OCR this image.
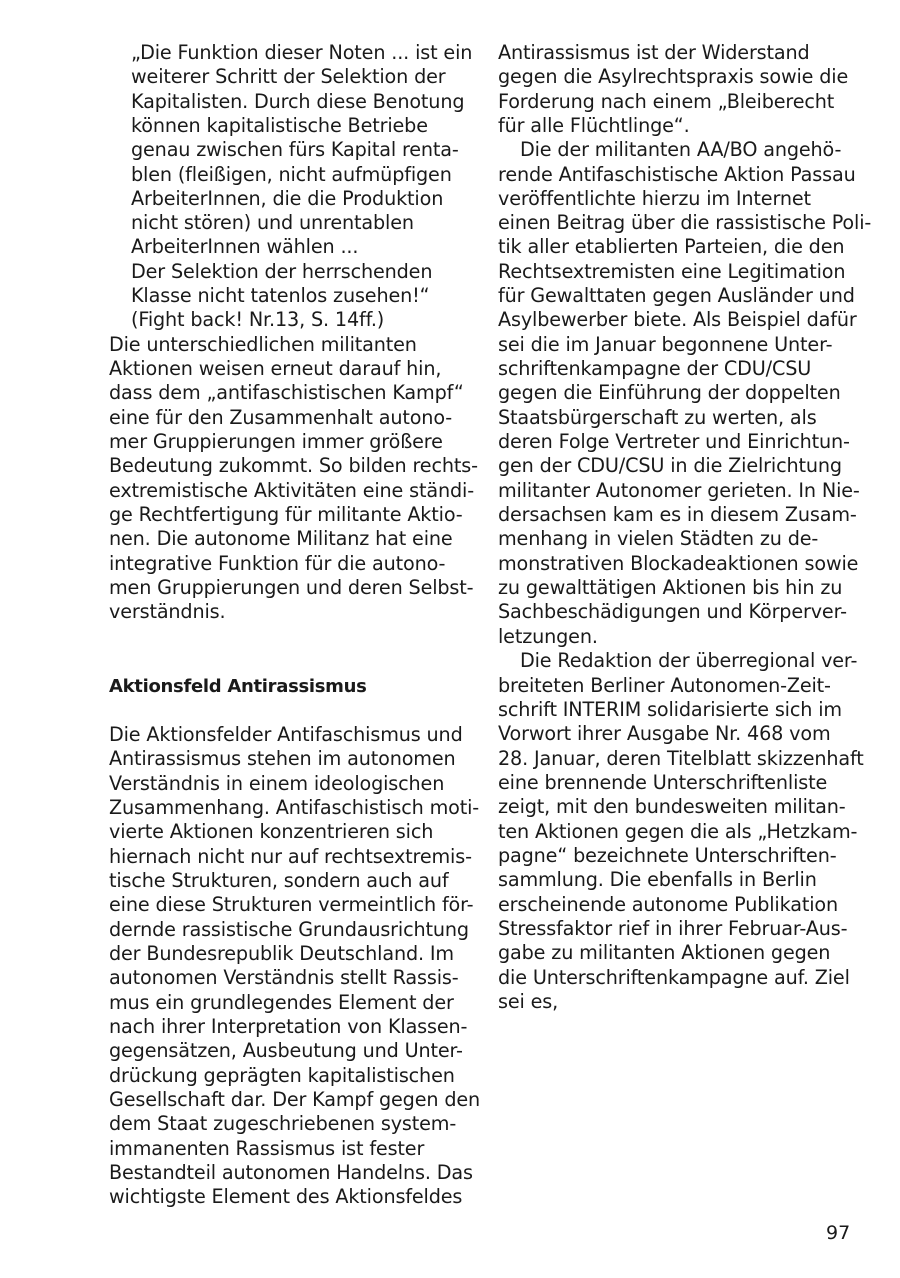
„Die Funktion dieser Noten ... ist ein
weiterer Schritt der Selektion der
Kapitalisten. Durch diese Benotung
können kapitalistische Betriebe
genau zwischen fürs Kapital renta-
blen (fleißigen, nicht aufmüpfigen
ArbeiterInnen, die die Produktion
nicht stören) und unrentablen
ArbeiterInnen wählen ...
Der Selektion der herrschenden
Klasse nicht tatenlos zusehen!“
(Fight back! Nr.13, S. 14ff.)
Die unterschiedlichen militanten
Aktionen weisen erneut darauf hin,
dass dem „antifaschistischen Kampf“
eine für den Zusammenhalt autono-
mer Gruppierungen immer größere
Bedeutung zukommt. So bilden rechts-
extremistische Aktivitäten eine ständi-
ge Rechtfertigung für militante Aktio-
nen. Die autonome Militanz hat eine
integrative Funktion für die autono-
men Gruppierungen und deren Selbst-
verständnis.
Aktionsfeld Antirassismus
Die Aktionsfelder Antifaschismus und
Antirassismus stehen im autonomen
Verständnis in einem ideologischen
Zusammenhang. Antifaschistisch moti-
vierte Aktionen konzentrieren sich
hiernach nicht nur auf rechtsextremis-
tische Strukturen, sondern auch auf
eine diese Strukturen vermeintlich för-
dernde rassistische Grundausrichtung
der Bundesrepublik Deutschland. Im
autonomen Verständnis stellt Rassis-
mus ein grundlegendes Element der
nach ihrer Interpretation von Klassen-
gegensätzen, Ausbeutung und Unter-
drückung geprägten kapitalistischen
Gesellschaft dar. Der Kampf gegen den
dem Staat zugeschriebenen system-
immanenten Rassismus ist fester
Bestandteil autonomen Handelns. Das
wichtigste Element des Aktionsfeldes
Antirassismus ist der Widerstand
gegen die Asylrechtspraxis sowie die
Forderung nach einem „Bleiberecht
für alle Flüchtlinge“.
Die der militanten AA/BO angehö-
rende Antifaschistische Aktion Passau
veröffentlichte hierzu im Internet
einen Beitrag über die rassistische Poli-
tik aller etablierten Parteien, die den
Rechtsextremisten eine Legitimation
für Gewalttaten gegen Ausländer und
Asylbewerber biete. Als Beispiel dafür
sei die im Januar begonnene Unter-
schriftenkampagne der CDU/CSU
gegen die Einführung der doppelten
Staatsbürgerschaft zu werten, als
deren Folge Vertreter und Einrichtun-
gen der CDU/CSU in die Zielrichtung
militanter Autonomer gerieten. In Nie-
dersachsen kam es in diesem Zusam-
menhang in vielen Städten zu de-
monstrativen Blockadeaktionen sowie
zu gewalttätigen Aktionen bis hin zu
Sachbeschädigungen und Körperver-
letzungen.
Die Redaktion der überregional ver-
breiteten Berliner Autonomen-Zeit-
schrift INTERIM solidarisierte sich im
Vorwort ihrer Ausgabe Nr. 468 vom
28. Januar, deren Titelblatt skizzenhaft
eine brennende Unterschriftenliste
zeigt, mit den bundesweiten militan-
ten Aktionen gegen die als „Hetzkam-
pagne“ bezeichnete Unterschriften-
sammlung. Die ebenfalls in Berlin
erscheinende autonome Publikation
Stressfaktor rief in ihrer Februar-Aus-
gabe zu militanten Aktionen gegen
die Unterschriftenkampagne auf. Ziel
sei es,
97
